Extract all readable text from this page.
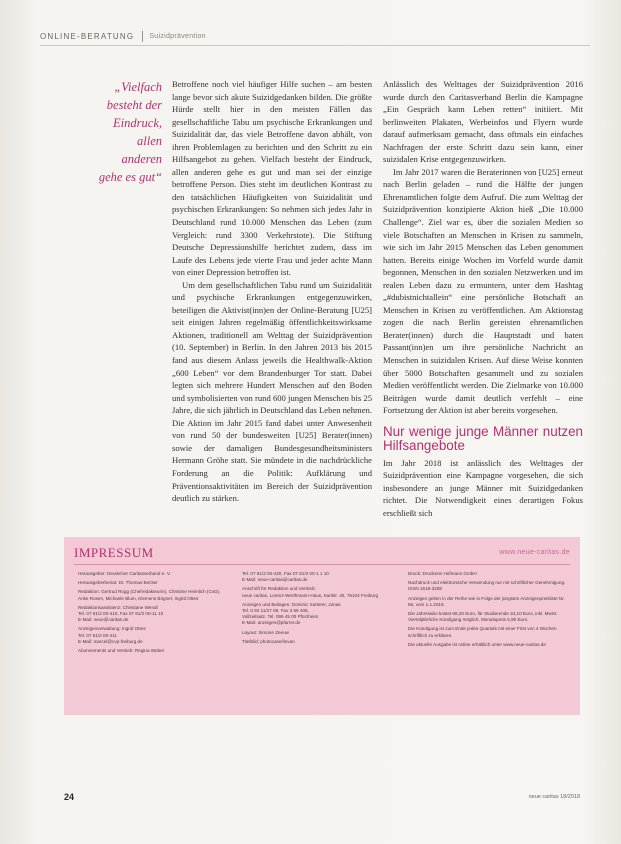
ONLINE-BERATUNG	Suizidprävention
„Vielfach besteht der Eindruck, allen anderen gehe es gut“

Betroffene noch viel häufiger Hilfe suchen – am besten lange bevor sich akute Suizidgedanken bilden. Die größte Hürde stellt hier in den meisten Fällen das gesellschaftliche Tabu um psychische Erkrankungen und Suizidalität dar, das viele Betroffene davon abhält, von ihren Problemlagen zu berichten und den Schritt zu ein Hilfsangebot zu gehen. Vielfach besteht der Eindruck, allen anderen gehe es gut und man sei der einzige betroffene Person. Dies steht im deutlichen Kontrast zu den tatsächlichen Häufigkeiten von Suizidalität und psychischen Erkrankungen: So nehmen sich jedes Jahr in Deutschland rund 10.000 Menschen das Leben (zum Vergleich: rund 3300 Verkehrstote). Die Stiftung Deutsche Depressionshilfe berichtet zudem, dass im Laufe des Lebens jede vierte Frau und jeder achte Mann von einer Depression betroffen ist.

Um dem gesellschaftlichen Tabu rund um Suizidalität und psychische Erkrankungen entgegenzuwirken, beteiligen die Aktivist(inn)en der Online-Beratung [U25] seit einigen Jahren regelmäßig öffentlichkeitswirksame Aktionen, traditionell am Welttag der Suizidprävention (10. September) in Berlin. In den Jahren 2013 bis 2015 fand aus diesem Anlass jeweils die Healthwalk-Aktion „600 Leben“ vor dem Brandenburger Tor statt. Dabei legten sich mehrere Hundert Menschen auf den Boden und symbolisierten von rund 600 jungen Menschen bis 25 Jahre, die sich jährlich in Deutschland das Leben nehmen. Die Aktion im Jahr 2015 fand dabei unter Anwesenheit von rund 50 der bundesweiten [U25] Berater(innen) sowie der damaligen Bundesgesundheitsministers Hermann Gröhe statt. Sie mündete in die nachdrückliche Forderung an die Politik: Aufklärung und Präventionsaktivitäten im Bereich der Suizidprävention deutlich zu stärken.

Anlässlich des Welttages der Suizidprävention 2016 wurde durch den Caritasverband Berlin die Kampagne „Ein Gespräch kann Leben retten“ initiiert. Mit berlinweiten Plakaten, Werbeinfos und Flyern wurde darauf aufmerksam gemacht, dass oftmals ein einfaches Nachfragen der erste Schritt dazu sein kann, einer suizidalen Krise entgegenzuwirken.

Im Jahr 2017 waren die Beraterinnen von [U25] erneut nach Berlin geladen – rund die Hälfte der jungen Ehrenamtlichen folgte dem Aufruf. Die zum Welttag der Suizidprävention konzipierte Aktion hieß „Die 10.000 Challenge“. Ziel war es, über die sozialen Medien so viele Botschaften an Menschen in Krisen zu sammeln, wie sich im Jahr 2015 Menschen das Leben genommen hatten. Bereits einige Wochen im Vorfeld wurde damit begonnen, Menschen in den sozialen Netzwerken und im realen Leben dazu zu ermuntern, unter dem Hashtag „#dubistnichtallein“ eine persönliche Botschaft an Menschen in Krisen zu veröffentlichen. Am Aktionstag zogen die nach Berlin gereisten ehrenamtlichen Berater(innen) durch die Hauptstadt und baten Passant(inn)en um ihre persönliche Nachricht an Menschen in suizidalen Krisen. Auf diese Weise konnten über 5000 Botschaften gesammelt und zu sozialen Medien veröffentlicht werden. Die Zielmarke von 10.000 Beiträgen wurde damit deutlich verfehlt – eine Fortsetzung der Aktion ist aber bereits vorgesehen.

Nur wenige junge Männer nutzen Hilfsangebote

Im Jahr 2018 ist anlässlich des Welttages der Suizidprävention eine Kampagne vorgesehen, die sich insbesondere an junge Männer mit Suizidgedanken richtet. Die Notwendigkeit eines derartigen Fokus erschließt sich

IMPRESSUM	www.neue-caritas.de
Herausgeber: Deutscher Caritasverband e. V.
Herausgeberbeirat: Dr. Thomas Becker
Redaktion: Gertrud Rogg (Chefredakteurin), Christine Heimlich (CvD), Anke Rosen, Michaele Blum, Klemens Bögner, Ingrid Ottes
Redaktionsassistenz: Christiane Wendt
Tel. 07 61/2 00-410, Fax 07 61/2 00-11 10
E-Mail: neue@caritas.de
Anzeigenverwaltung: Ingrid Ottes
Tel. 07 61/2 00-411
E-Mail: marcel@cvp-freiburg.de
Abonnements und Vertrieb: Regina Weber
Tel. 07 61/2 00-420, Fax 07 61/2 00-1 1 10
E-Mail: neue-caritas@caritas.de
Anschrift für Redaktion und Vertrieb:
neue caritas, Lorenz-Werthmann-Haus, Karlstr. 40, 79104 Freiburg
Anzeigen und Beilagen: Dominic Sutterer, Jonas
Tel. 0 84 11/27 69, Fax 3 69 408,
Vollzeitsatz, Tel. 099 45 00 Pforzheim
E-Mail: anzeigen@pfarrer.de
Layout: Simone Zeeuw
Titelbild: photocase/linvan
Druck: Druckerei Hofmann GmbH
Nachdruck und elektronische Verwendung nur mit schriftlicher Genehmigung. ISSN 1618-3258
Anzeigen gelten in der Reihe wie in Folge der jüngsten Anzeigenpreisliste Nr. 56, vom 1.1.2018.
Die Jahresabo kostet 68,20 Euro, für Studierende 34,10 Euro, inkl. MwSt. Vierteljährliche Kündigung möglich, Monatspreis 5,90 Euro.
Die Kündigung ist zum Ende jedes Quartals mit einer Frist von 4 Wochen schriftlich zu erklären.
Die aktuelle Ausgabe ist online erhältlich unter www.neue-caritas.de
24	neue caritas 18/2018
